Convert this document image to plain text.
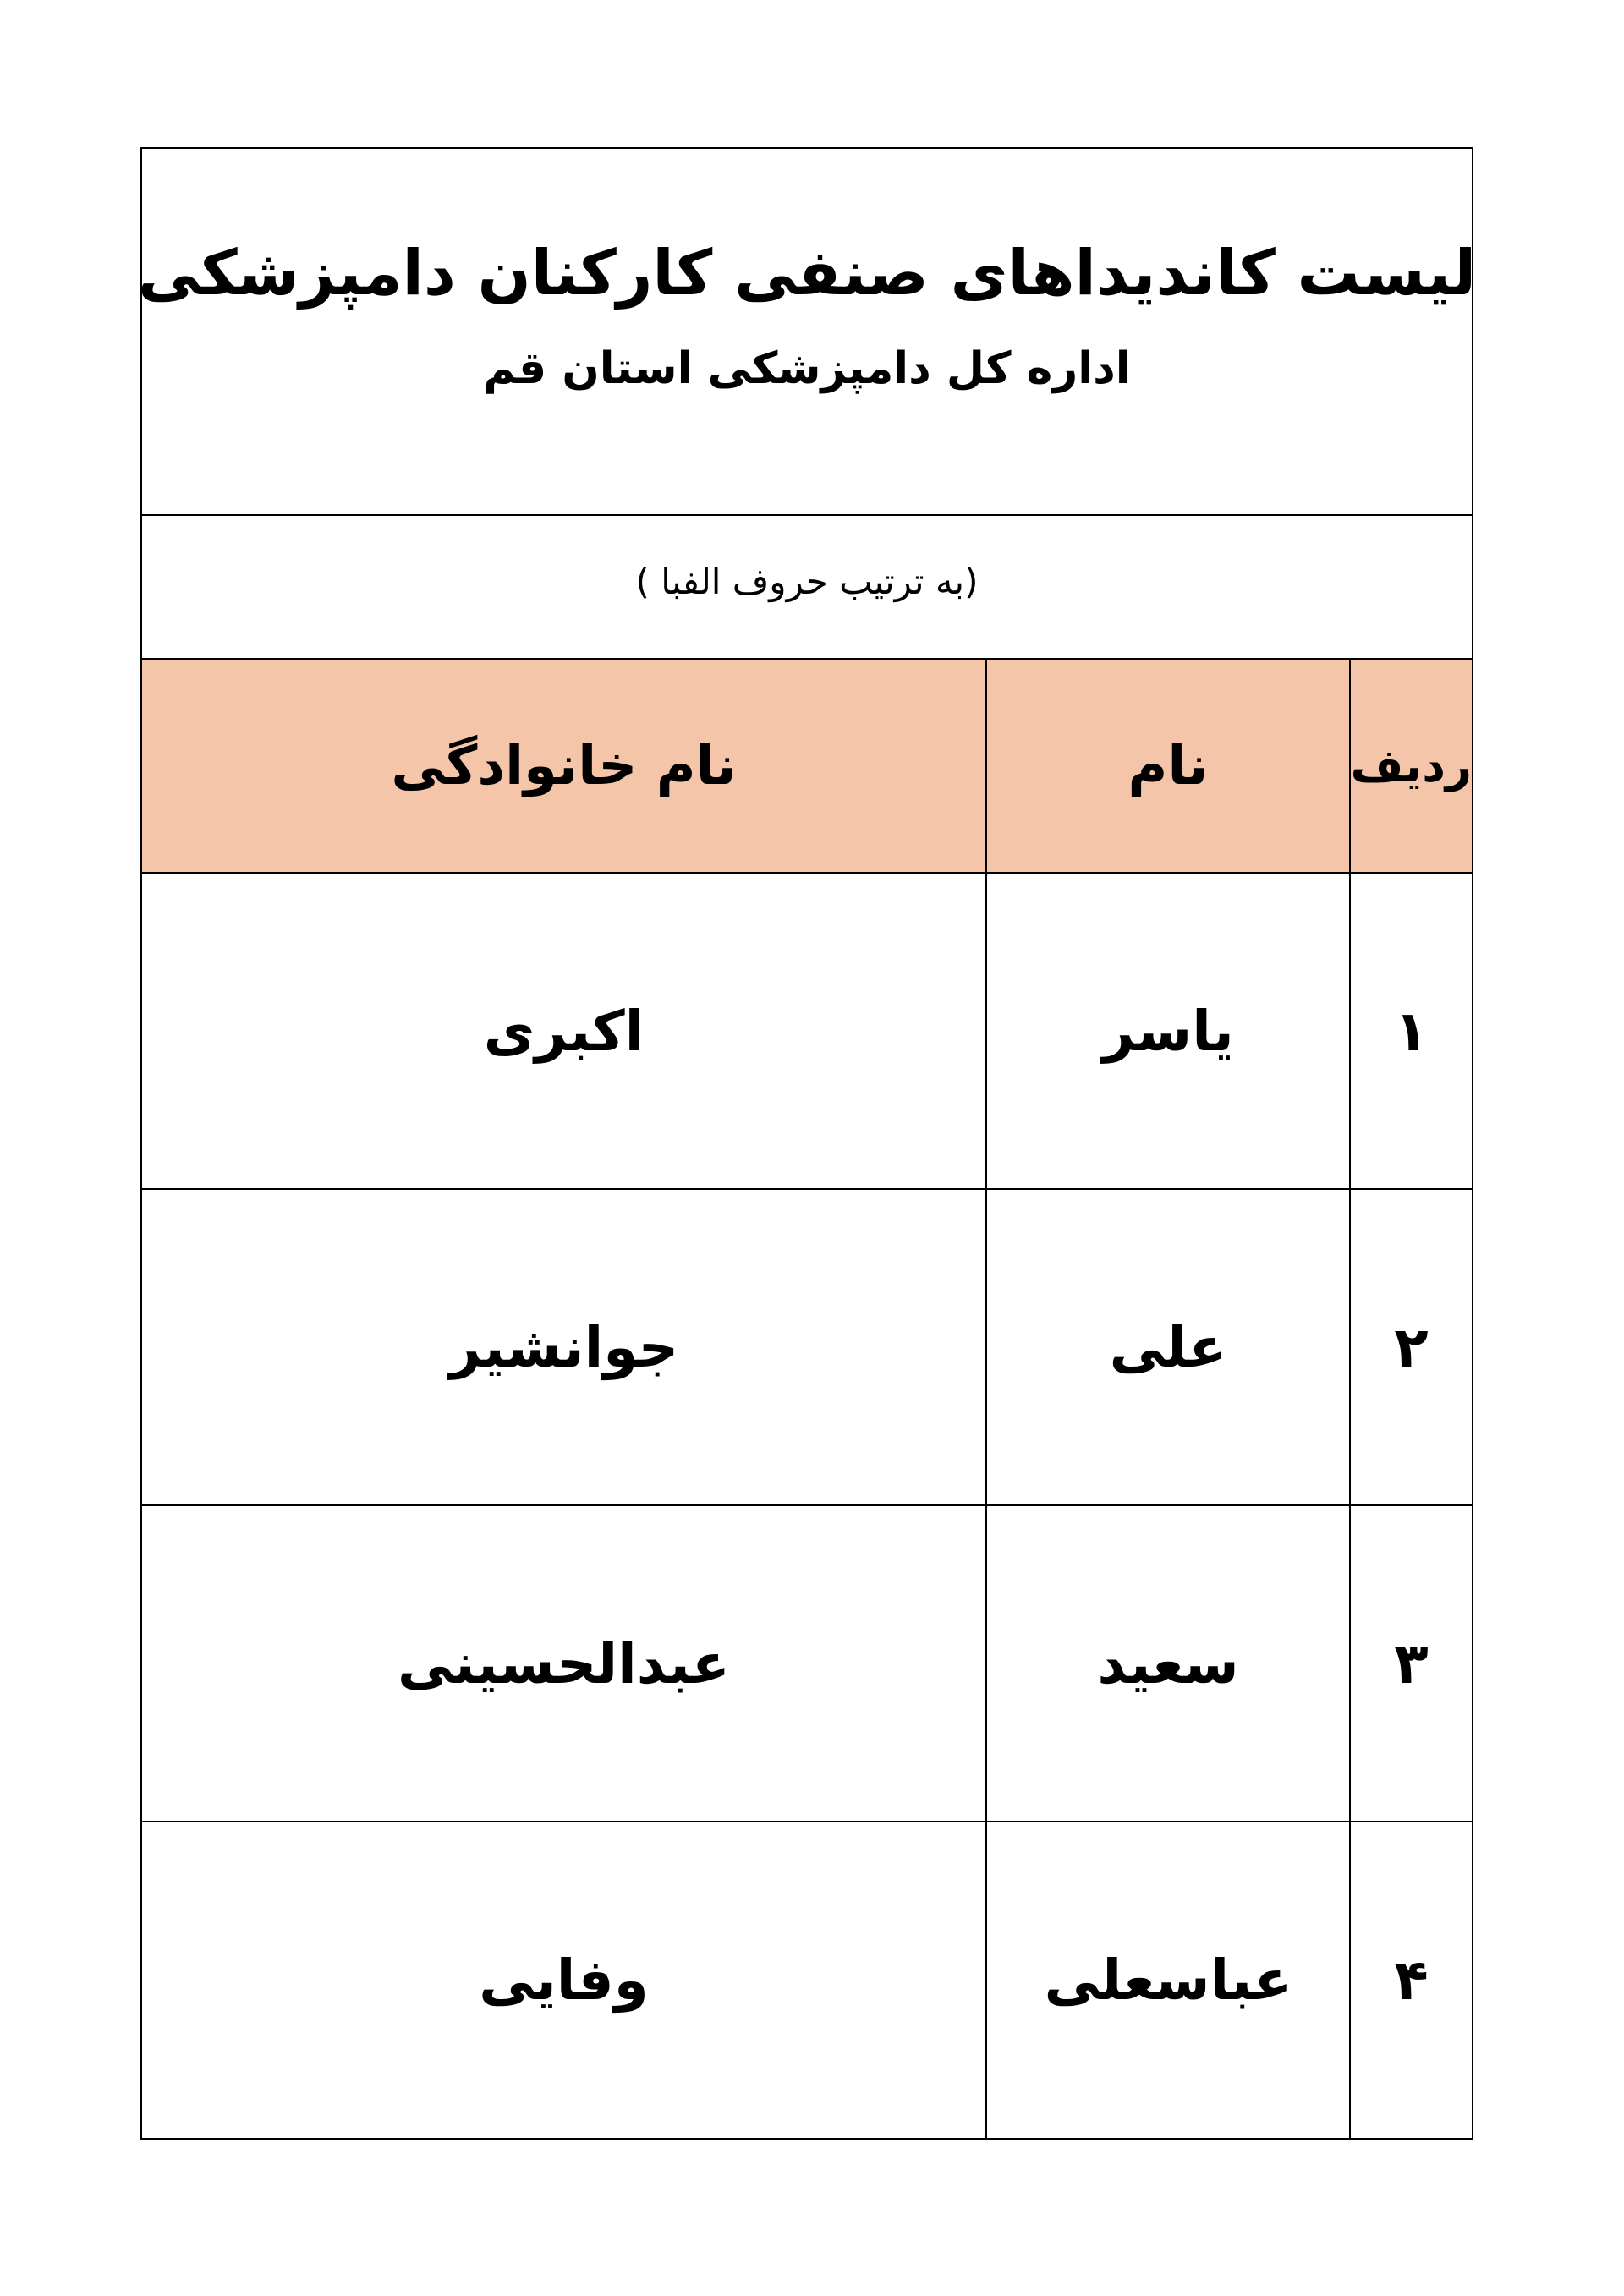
لیست کاندیداهای صنفی کارکنان دامپزشکی
اداره کل دامپزشکی استان قم
(به ترتیب حروف الفبا )
ردیف	نام	نام خانوادگی
۱	یاسر	اکبری
۲	علی	جوانشیر
۳	سعید	عبدالحسینی
۴	عباسعلی	وفایی
